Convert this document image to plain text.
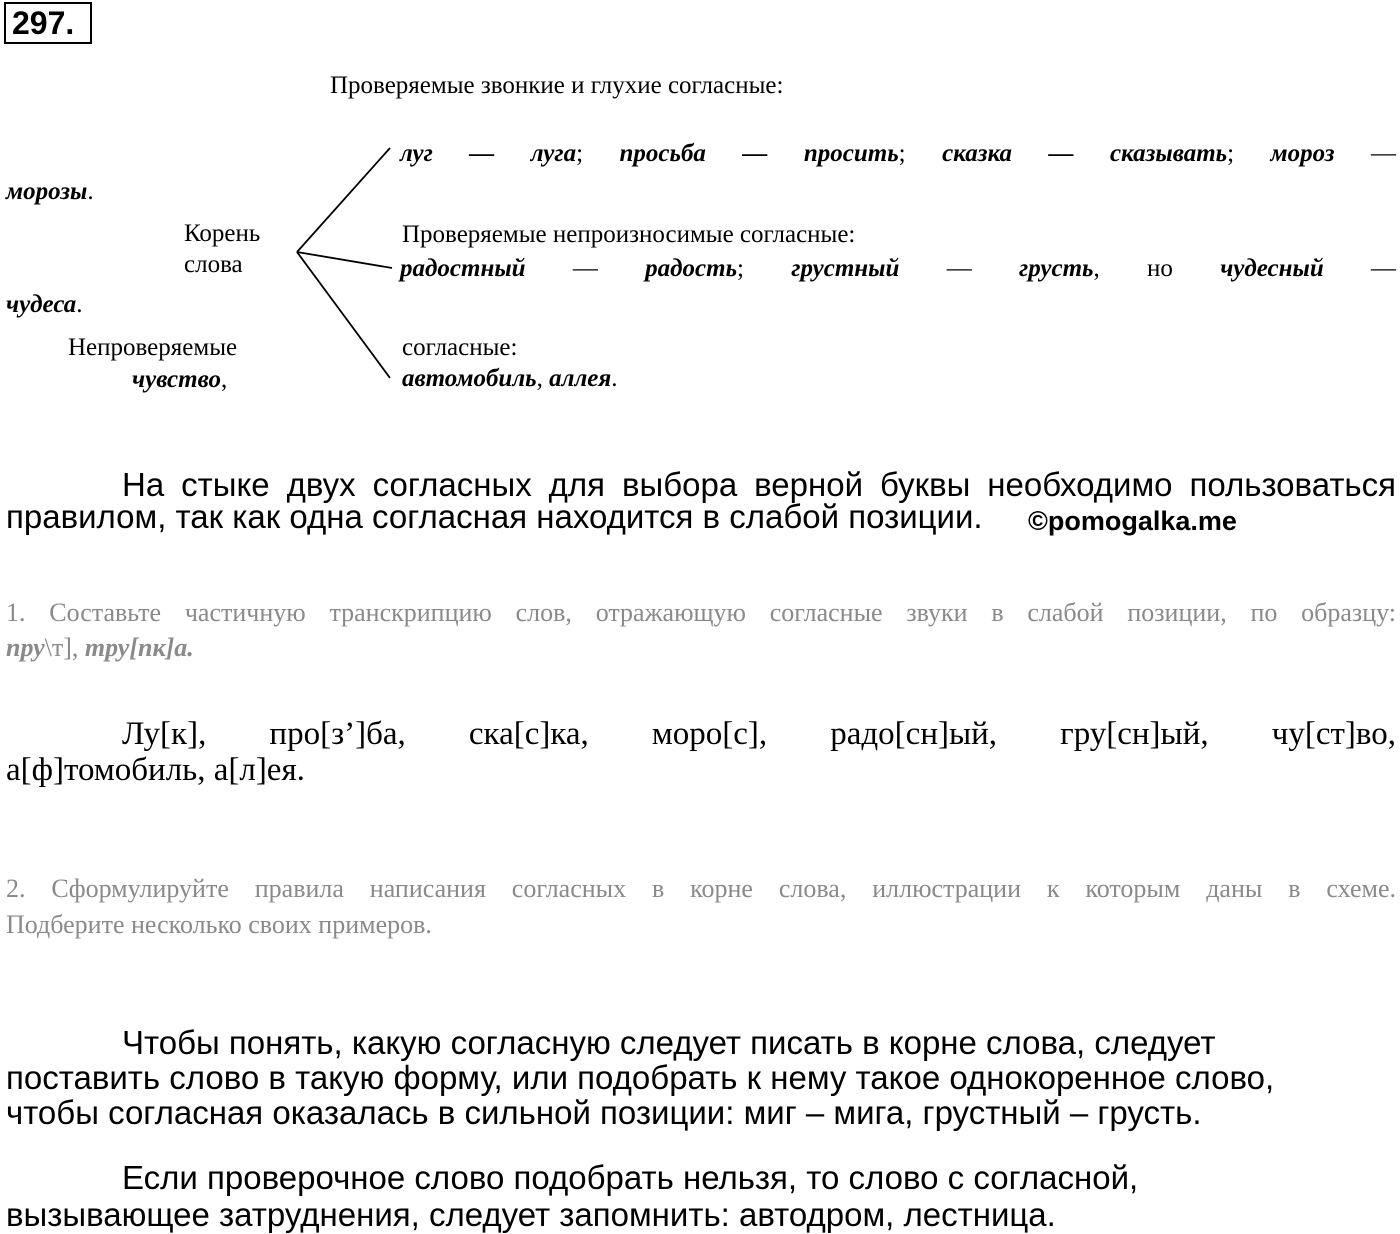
297.
Проверяемые звонкие и глухие согласные:
луг — луга; просьба — просить; сказка — сказывать; мороз —
морозы.
Корень
слова
Проверяемые непроизносимые согласные:
радостный — радость; грустный — грусть, но чудесный —
чудеса.
Непроверяемые
чувство,
согласные:
автомобиль, аллея.
На стыке двух согласных для выбора верной буквы необходимо пользоваться
правилом, так как одна согласная находится в слабой позиции. ©pomogalka.me
1. Составьте частичную транскрипцию слов, отражающую согласные звуки в слабой позиции, по образцу:
пру\т], тру[пк]а.
Лу[к], про[з’]ба, ска[с]ка, моро[с], радо[сн]ый, гру[сн]ый, чу[ст]во,
а[ф]томобиль, а[л]ея.
2. Сформулируйте правила написания согласных в корне слова, иллюстрации к которым даны в схеме.
Подберите несколько своих примеров.
Чтобы понять, какую согласную следует писать в корне слова, следует
поставить слово в такую форму, или подобрать к нему такое однокоренное слово,
чтобы согласная оказалась в сильной позиции: миг – мига, грустный – грусть.
Если проверочное слово подобрать нельзя, то слово с согласной,
вызывающее затруднения, следует запомнить: автодром, лестница.
